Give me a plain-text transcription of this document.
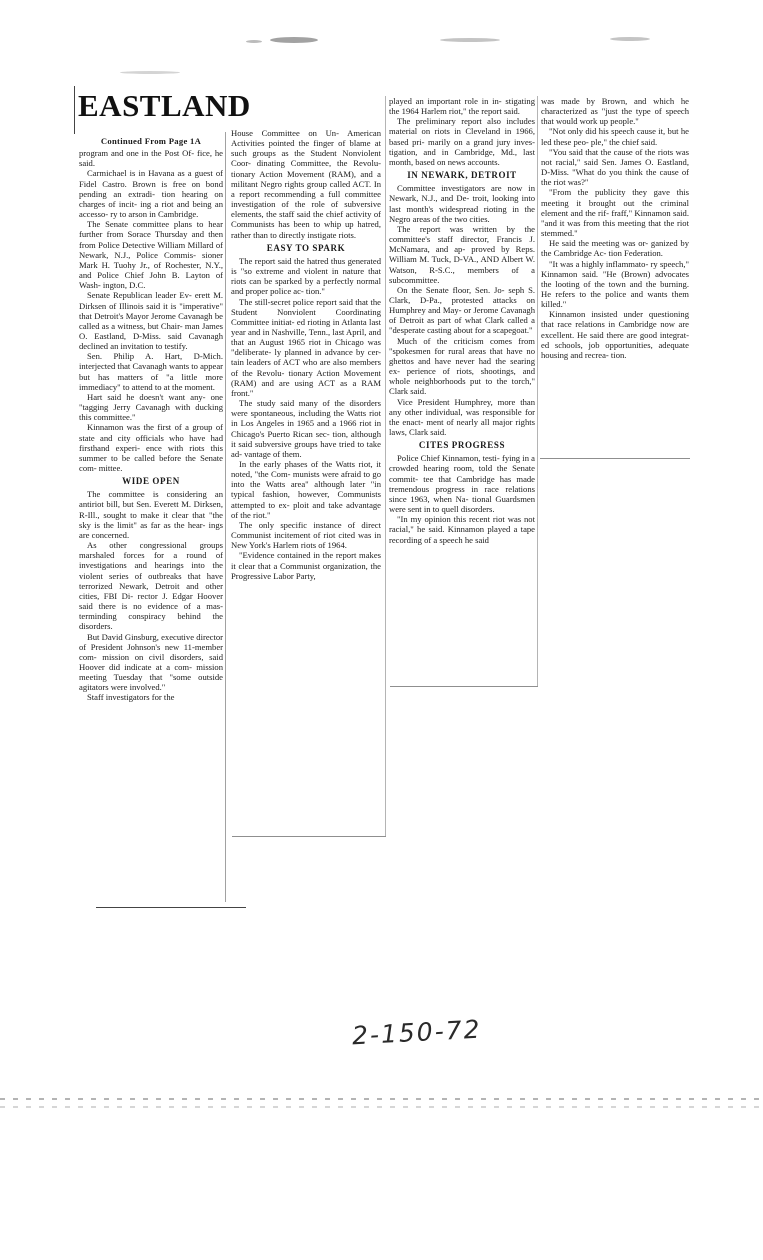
EASTLAND

Continued From Page 1A

program and one in the Post Of- fice, he said.

Carmichael is in Havana as a guest of Fidel Castro. Brown is free on bond pending an extradi- tion hearing on charges of incit- ing a riot and being an accesso- ry to arson in Cambridge.

The Senate committee plans to hear further from Sorace Thursday and then from Police Detective William Millard of Newark, N.J., Police Commis- sioner Mark H. Tuohy Jr., of Rochester, N.Y., and Police Chief John B. Layton of Wash- ington, D.C.

Senate Republican leader Ev- erett M. Dirksen of Illinois said it is "imperative" that Detroit's Mayor Jerome Cavanagh be called as a witness, but Chair- man James O. Eastland, D-Miss. said Cavanagh declined an invitation to testify.

Sen. Philip A. Hart, D-Mich. interjected that Cavanagh wants to appear but has matters of "a little more immediacy" to attend to at the moment.

Hart said he doesn't want any- one "tagging Jerry Cavanagh with ducking this committee."

Kinnamon was the first of a group of state and city officials who have had firsthand experi- ence with riots this summer to be called before the Senate com- mittee.

WIDE OPEN

The committee is considering an antiriot bill, but Sen. Everett M. Dirksen, R-Ill., sought to make it clear that "the sky is the limit" as far as the hear- ings are concerned.

As other congressional groups marshaled forces for a round of investigations and hearings into the violent series of outbreaks that have terrorized Newark, Detroit and other cities, FBI Di- rector J. Edgar Hoover said there is no evidence of a mas- terminding conspiracy behind the disorders.

But David Ginsburg, executive director of President Johnson's new 11-member com- mission on civil disorders, said Hoover did indicate at a com- mission meeting Tuesday that "some outside agitators were involved."

Staff investigators for the

House Committee on Un- American Activities pointed the finger of blame at such groups as the Student Nonviolent Coor- dinating Committee, the Revolu- tionary Action Movement (RAM), and a militant Negro rights group called ACT. In a report recommending a full committee investigation of the role of subversive elements, the staff said the chief activity of Communists has been to whip up hatred, rather than to directly instigate riots.

EASY TO SPARK

The report said the hatred thus generated is "so extreme and violent in nature that riots can be sparked by a perfectly normal and proper police ac- tion."

The still-secret police report said that the Student Nonviolent Coordinating Committee initiat- ed rioting in Atlanta last year and in Nashville, Tenn., last April, and that an August 1965 riot in Chicago was "deliberate- ly planned in advance by cer- tain leaders of ACT who are also members of the Revolu- tionary Action Movement (RAM) and are using ACT as a RAM front."

The study said many of the disorders were spontaneous, including the Watts riot in Los Angeles in 1965 and a 1966 riot in Chicago's Puerto Rican sec- tion, although it said subversive groups have tried to take ad- vantage of them.

In the early phases of the Watts riot, it noted, "the Com- munists were afraid to go into the Watts area" although later "in typical fashion, however, Communists attempted to ex- ploit and take advantage of the riot."

The only specific instance of direct Communist incitement of riot cited was in New York's Harlem riots of 1964.

"Evidence contained in the report makes it clear that a Communist organization, the Progressive Labor Party,

played an important role in in- stigating the 1964 Harlem riot," the report said.

The preliminary report also includes material on riots in Cleveland in 1966, based pri- marily on a grand jury inves- tigation, and in Cambridge, Md., last month, based on news accounts.

IN NEWARK, DETROIT

Committee investigators are now in Newark, N.J., and De- troit, looking into last month's widespread rioting in the Negro areas of the two cities.

The report was written by the committee's staff director, Francis J. McNamara, and ap- proved by Reps. William M. Tuck, D-VA., AND Albert W. Watson, R-S.C., members of a subcommittee.

On the Senate floor, Sen. Jo- seph S. Clark, D-Pa., protested attacks on Humphrey and May- or Jerome Cavanagh of Detroit as part of what Clark called a "desperate casting about for a scapegoat."

Much of the criticism comes from "spokesmen for rural areas that have no ghettos and have never had the searing ex- perience of riots, shootings, and whole neighborhoods put to the torch," Clark said.

Vice President Humphrey, more than any other individual, was responsible for the enact- ment of nearly all major rights laws, Clark said.

CITES PROGRESS

Police Chief Kinnamon, testi- fying in a crowded hearing room, told the Senate commit- tee that Cambridge has made tremendous progress in race relations since 1963, when Na- tional Guardsmen were sent in to quell disorders.

"In my opinion this recent riot was not racial," he said. Kinnamon played a tape recording of a speech he said

was made by Brown, and which he characterized as "just the type of speech that would work up people."

"Not only did his speech cause it, but he led these peo- ple," the chief said.

"You said that the cause of the riots was not racial," said Sen. James O. Eastland, D-Miss. "What do you think the cause of the riot was?"

"From the publicity they gave this meeting it brought out the criminal element and the rif- fraff," Kinnamon said. "and it was from this meeting that the riot stemmed."

He said the meeting was or- ganized by the Cambridge Ac- tion Federation.

"It was a highly inflammato- ry speech," Kinnamon said. "He (Brown) advocates the looting of the town and the burning. He refers to the police and wants them killed."

Kinnamon insisted under questioning that race relations in Cambridge now are excellent. He said there are good integrat- ed schools, job opportunities, adequate housing and recrea- tion.

2-150-72
